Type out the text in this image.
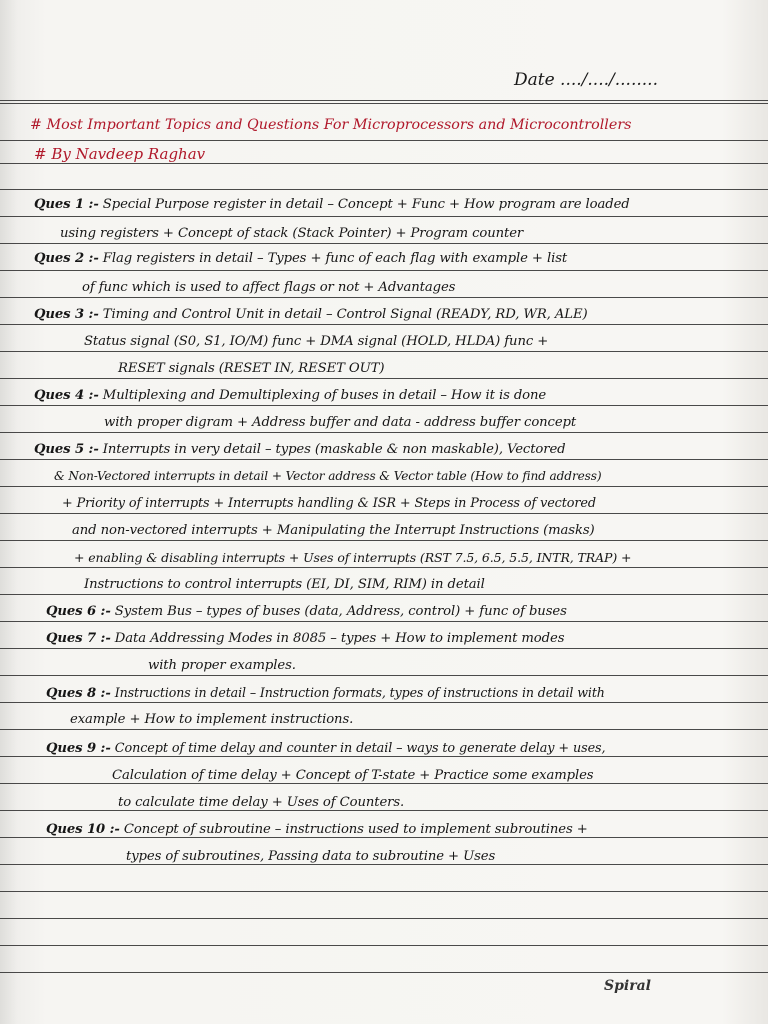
Date ..../..../........
# Most Important Topics and Questions For Microprocessors and Microcontrollers
# By Navdeep Raghav
Ques 1 :- Special Purpose register in detail – Concept + Func + How program are loaded
using registers + Concept of stack (Stack Pointer) + Program counter
Ques 2 :- Flag registers in detail – Types + func of each flag with example + list
of func which is used to affect flags or not + Advantages
Ques 3 :- Timing and Control Unit in detail – Control Signal (READY, RD, WR, ALE)
Status signal (S0, S1, IO/M) func + DMA signal (HOLD, HLDA) func +
RESET signals (RESET IN, RESET OUT)
Ques 4 :- Multiplexing and Demultiplexing of buses in detail – How it is done
with proper digram + Address buffer and data - address buffer concept
Ques 5 :- Interrupts in very detail – types (maskable & non maskable), Vectored
& Non-Vectored interrupts in detail + Vector address & Vector table (How to find address)
+ Priority of interrupts + Interrupts handling & ISR + Steps in Process of vectored
and non-vectored interrupts + Manipulating the Interrupt Instructions (masks)
+ enabling & disabling interrupts + Uses of interrupts (RST 7.5, 6.5, 5.5, INTR, TRAP) +
Instructions to control interrupts (EI, DI, SIM, RIM) in detail
Ques 6 :- System Bus – types of buses (data, Address, control) + func of buses
Ques 7 :- Data Addressing Modes in 8085 – types + How to implement modes
with proper examples.
Ques 8 :- Instructions in detail – Instruction formats, types of instructions in detail with
example + How to implement instructions.
Ques 9 :- Concept of time delay and counter in detail – ways to generate delay + uses,
Calculation of time delay + Concept of T-state + Practice some examples
to calculate time delay + Uses of Counters.
Ques 10 :- Concept of subroutine – instructions used to implement subroutines +
types of subroutines, Passing data to subroutine + Uses
Spiral
